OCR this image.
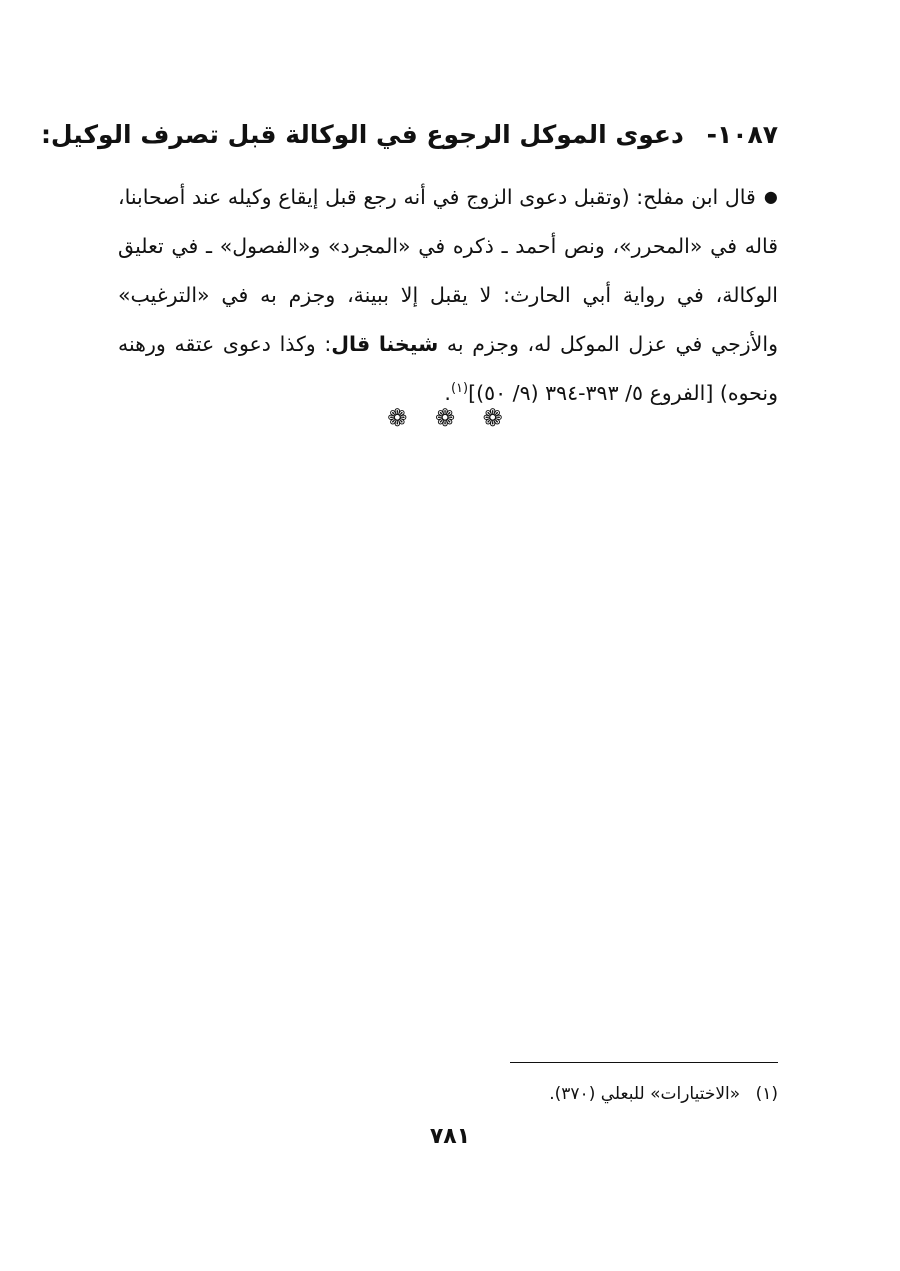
١٠٨٧- دعوى الموكل الرجوع في الوكالة قبل تصرف الوكيل:
●قال ابن مفلح: (وتقبل دعوى الزوج في أنه رجع قبل إيقاع وكيله عند أصحابنا، قاله في «المحرر»، ونص أحمد ـ ذكره في «المجرد» و«الفصول» ـ في تعليق الوكالة، في رواية أبي الحارث: لا يقبل إلا ببينة، وجزم به في «الترغيب» والأزجي في عزل الموكل له، وجزم به شيخنا قال: وكذا دعوى عتقه ورهنه ونحوه) [الفروع ٥/ ٣٩٣-٣٩٤ (٩/ ٥٠)]$^{(١)}$.
❁ ❁ ❁
(١) «الاختيارات» للبعلي (٣٧٠).
٧٨١
